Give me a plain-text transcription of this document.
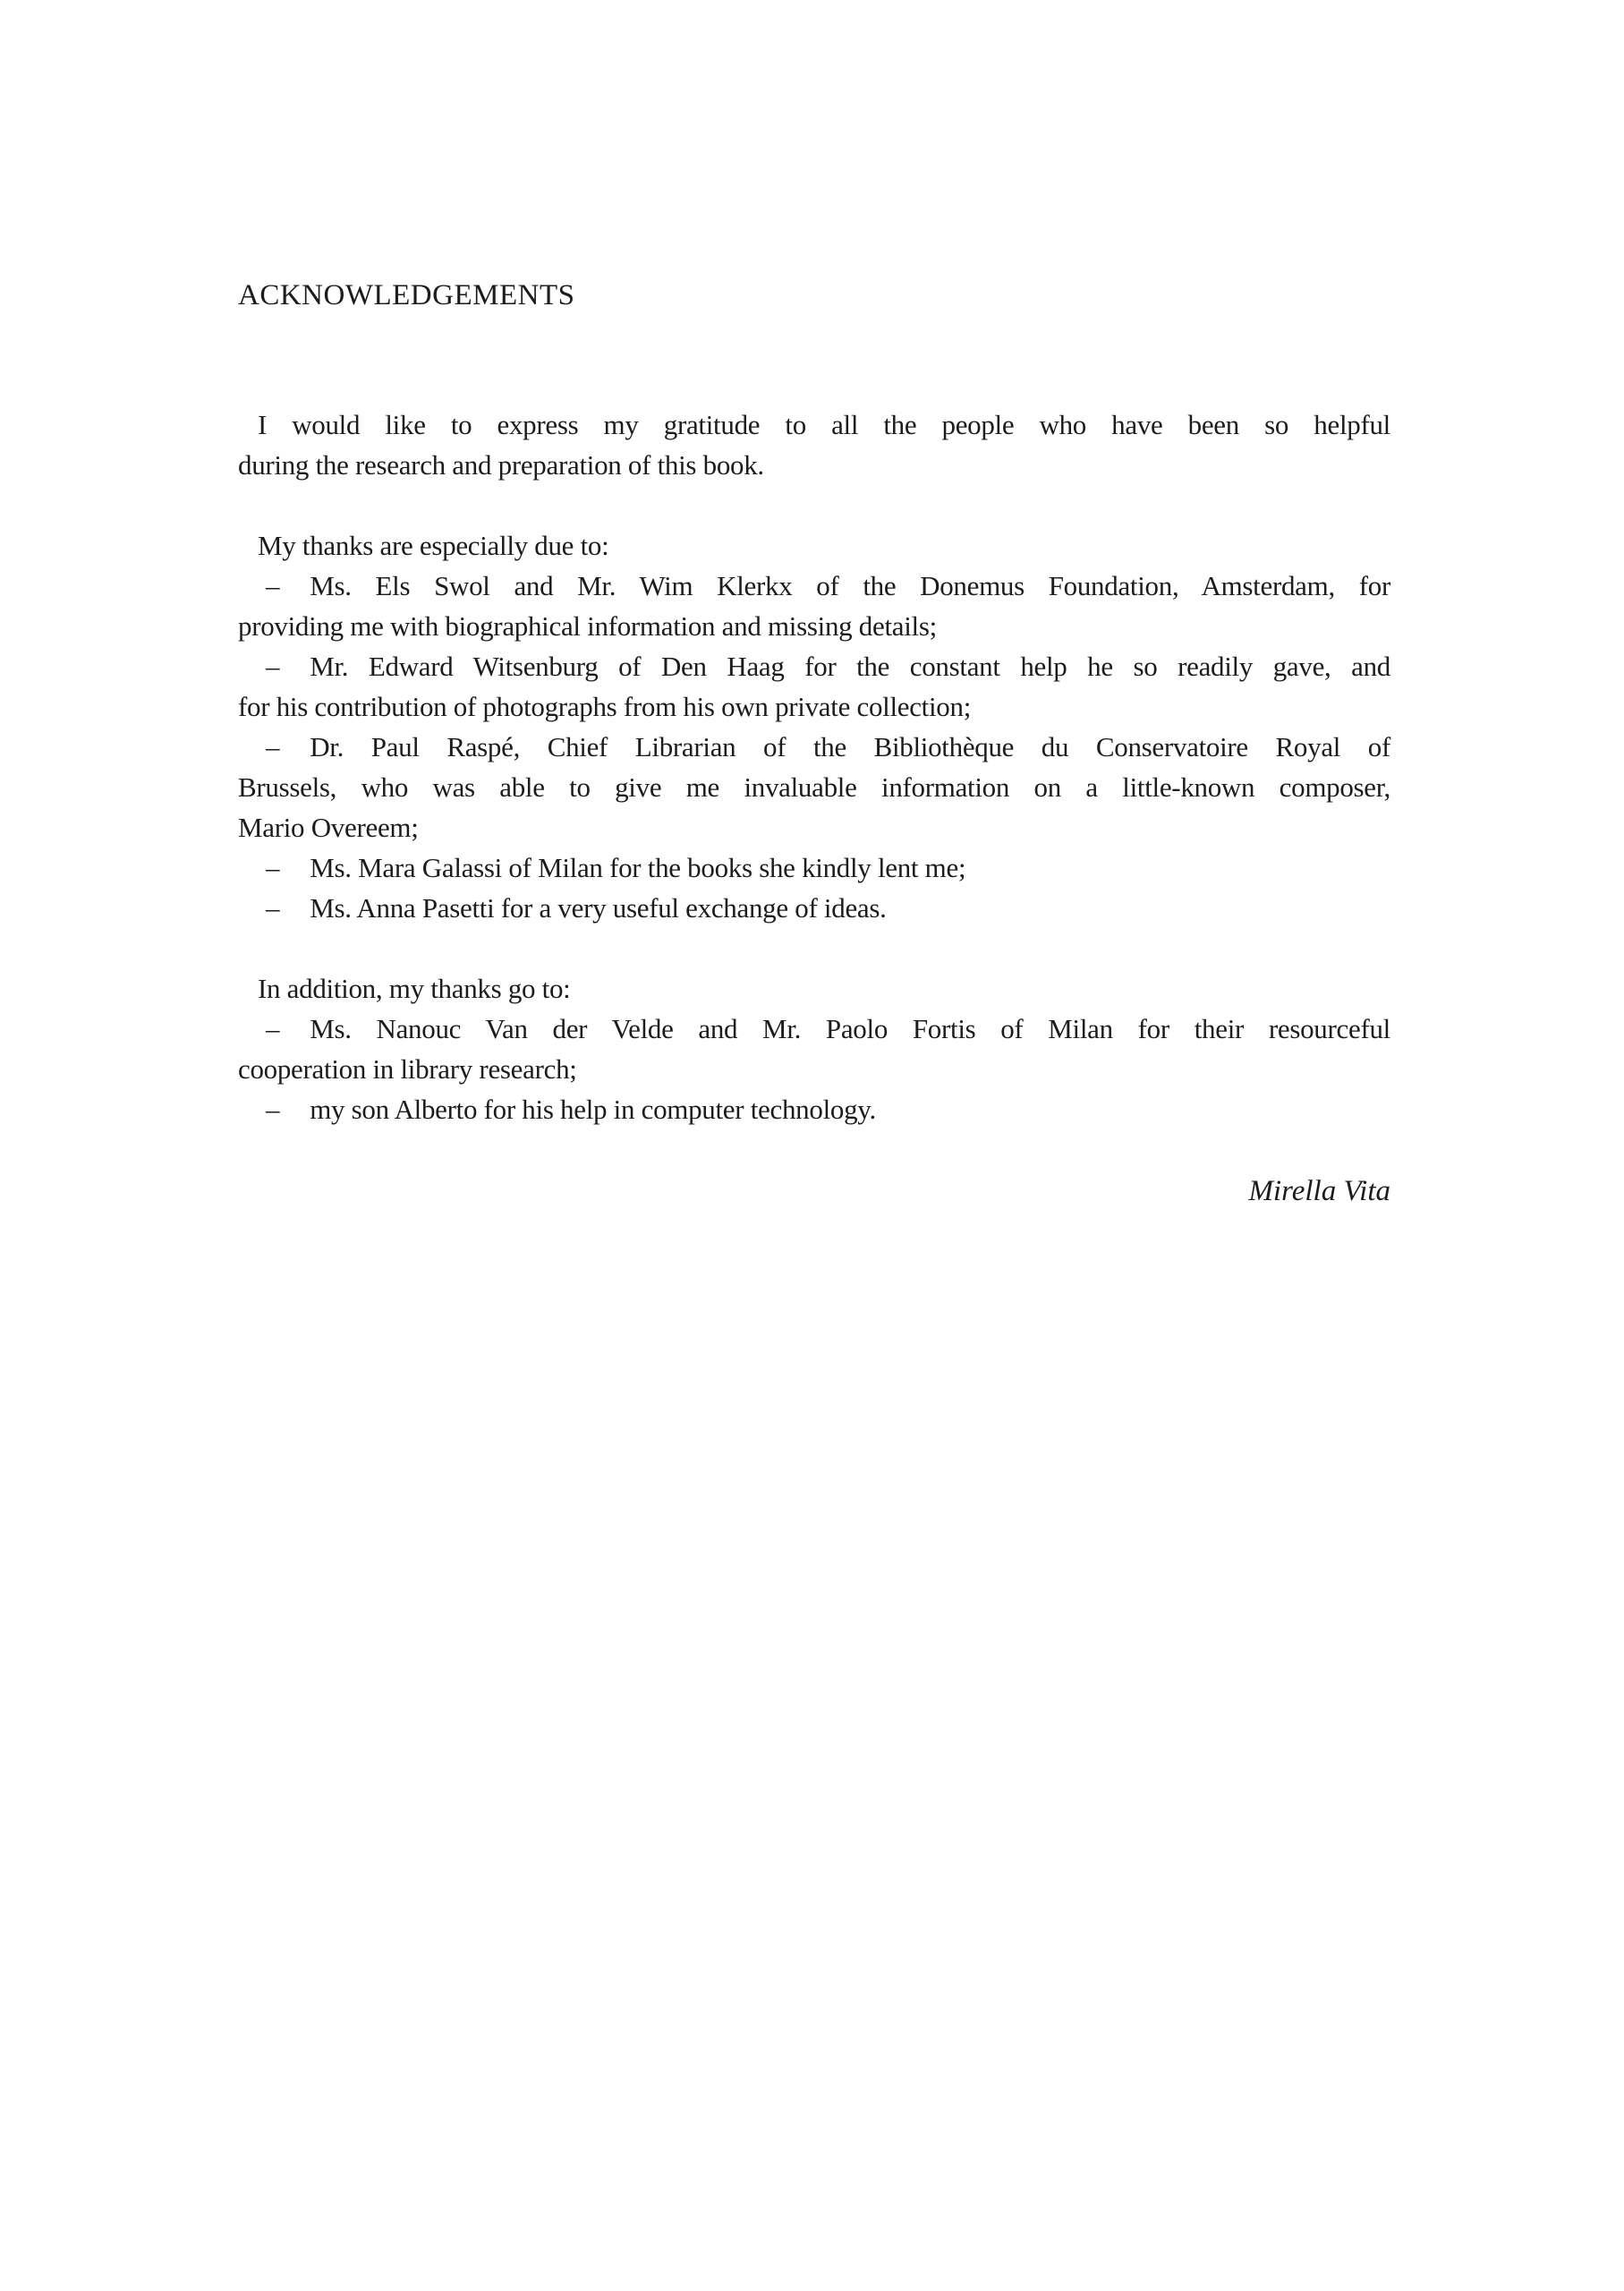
ACKNOWLEDGEMENTS
I would like to express my gratitude to all the people who have been so helpful
during the research and preparation of this book.
My thanks are especially due to:
– Ms. Els Swol and Mr. Wim Klerkx of the Donemus Foundation, Amsterdam, for
providing me with biographical information and missing details;
– Mr. Edward Witsenburg of Den Haag for the constant help he so readily gave, and
for his contribution of photographs from his own private collection;
– Dr. Paul Raspé, Chief Librarian of the Bibliothèque du Conservatoire Royal of
Brussels, who was able to give me invaluable information on a little-known composer,
Mario Overeem;
– Ms. Mara Galassi of Milan for the books she kindly lent me;
– Ms. Anna Pasetti for a very useful exchange of ideas.
In addition, my thanks go to:
– Ms. Nanouc Van der Velde and Mr. Paolo Fortis of Milan for their resourceful
cooperation in library research;
– my son Alberto for his help in computer technology.
Mirella Vita
